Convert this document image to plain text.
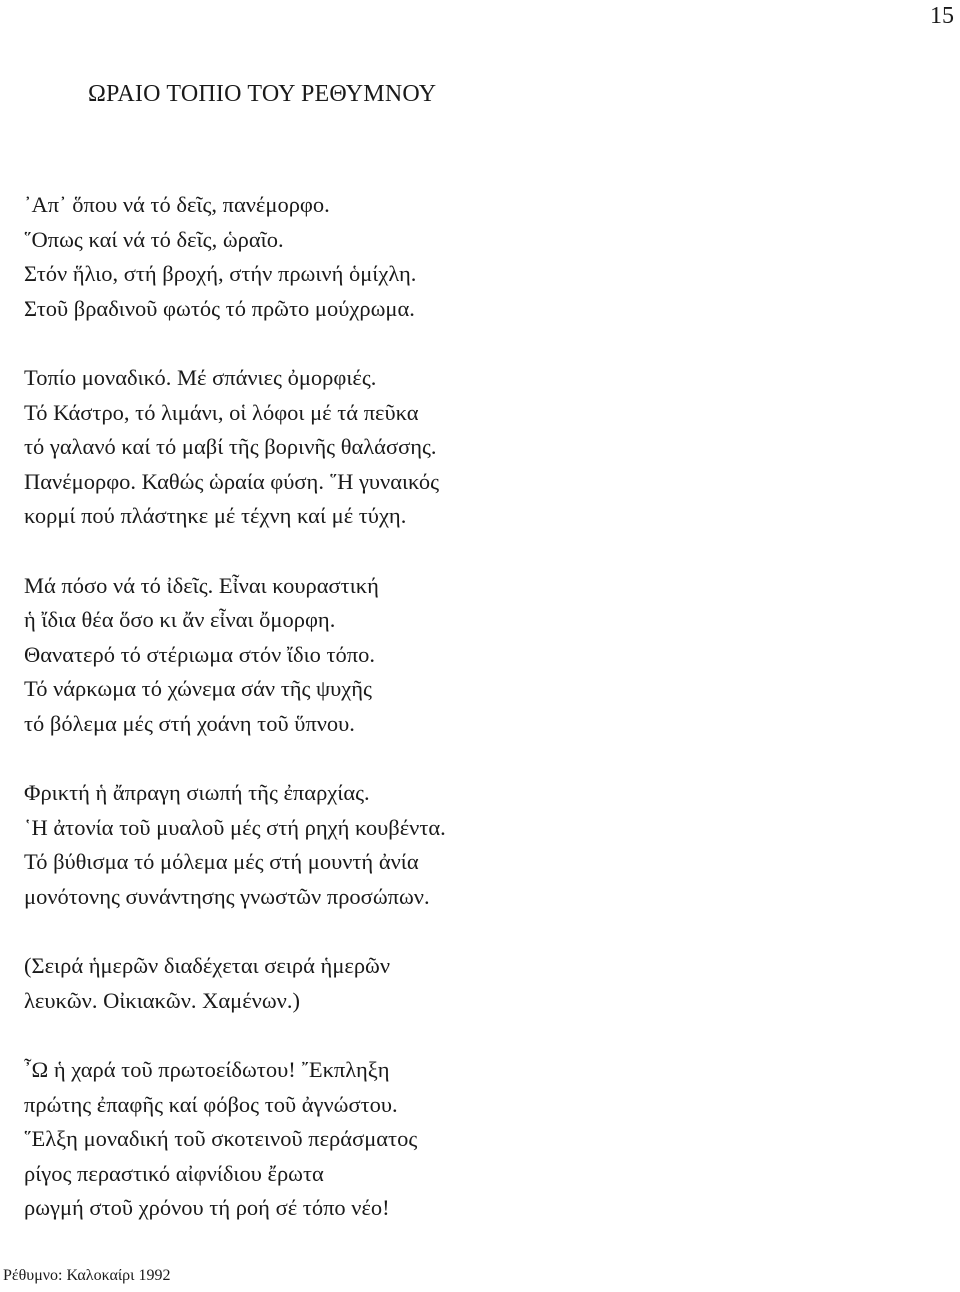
15
ΩΡΑΙΟ ΤΟΠΙΟ ΤΟΥ ΡΕΘΥΜΝΟΥ
᾿Απ᾿ ὅπου νά τό δεῖς, πανέμορφο.
῞Οπως καί νά τό δεῖς, ὡραῖο.
Στόν ἥλιο, στή βροχή, στήν πρωινή ὁμίχλη.
Στοῦ βραδινοῦ φωτός τό πρῶτο μούχρωμα.
Τοπίο μοναδικό. Μέ σπάνιες ὀμορφιές.
Τό Κάστρο, τό λιμάνι, οἱ λόφοι μέ τά πεῦκα
τό γαλανό καί τό μαβί τῆς βορινῆς θαλάσσης.
Πανέμορφο. Καθώς ὡραία φύση. ῞Η γυναικός
κορμί πού πλάστηκε μέ τέχνη καί μέ τύχη.
Μά πόσο νά τό ἰδεῖς. Εἶναι κουραστική
ἡ ἴδια θέα ὅσο κι ἄν εἶναι ὄμορφη.
Θανατερό τό στέριωμα στόν ἴδιο τόπο.
Τό νάρκωμα τό χώνεμα σάν τῆς ψυχῆς
τό βόλεμα μές στή χοάνη τοῦ ὕπνου.
Φρικτή ἡ ἄπραγη σιωπή τῆς ἐπαρχίας.
῾Η ἀτονία τοῦ μυαλοῦ μές στή ρηχή κουβέντα.
Τό βύθισμα τό μόλεμα μές στή μουντή ἀνία
μονότονης συνάντησης γνωστῶν προσώπων.
(Σειρά ἡμερῶν διαδέχεται σειρά ἡμερῶν
λευκῶν. Οἰκιακῶν. Χαμένων.)
῏Ω ἡ χαρά τοῦ πρωτοείδωτου! ῎Εκπληξη
πρώτης ἐπαφῆς καί φόβος τοῦ ἀγνώστου.
῞Ελξη μοναδική τοῦ σκοτεινοῦ περάσματος
ρίγος περαστικό αἰφνίδιου ἔρωτα
ρωγμή στοῦ χρόνου τή ροή σέ τόπο νέο!
Ρέθυμνο: Καλοκαίρι 1992
